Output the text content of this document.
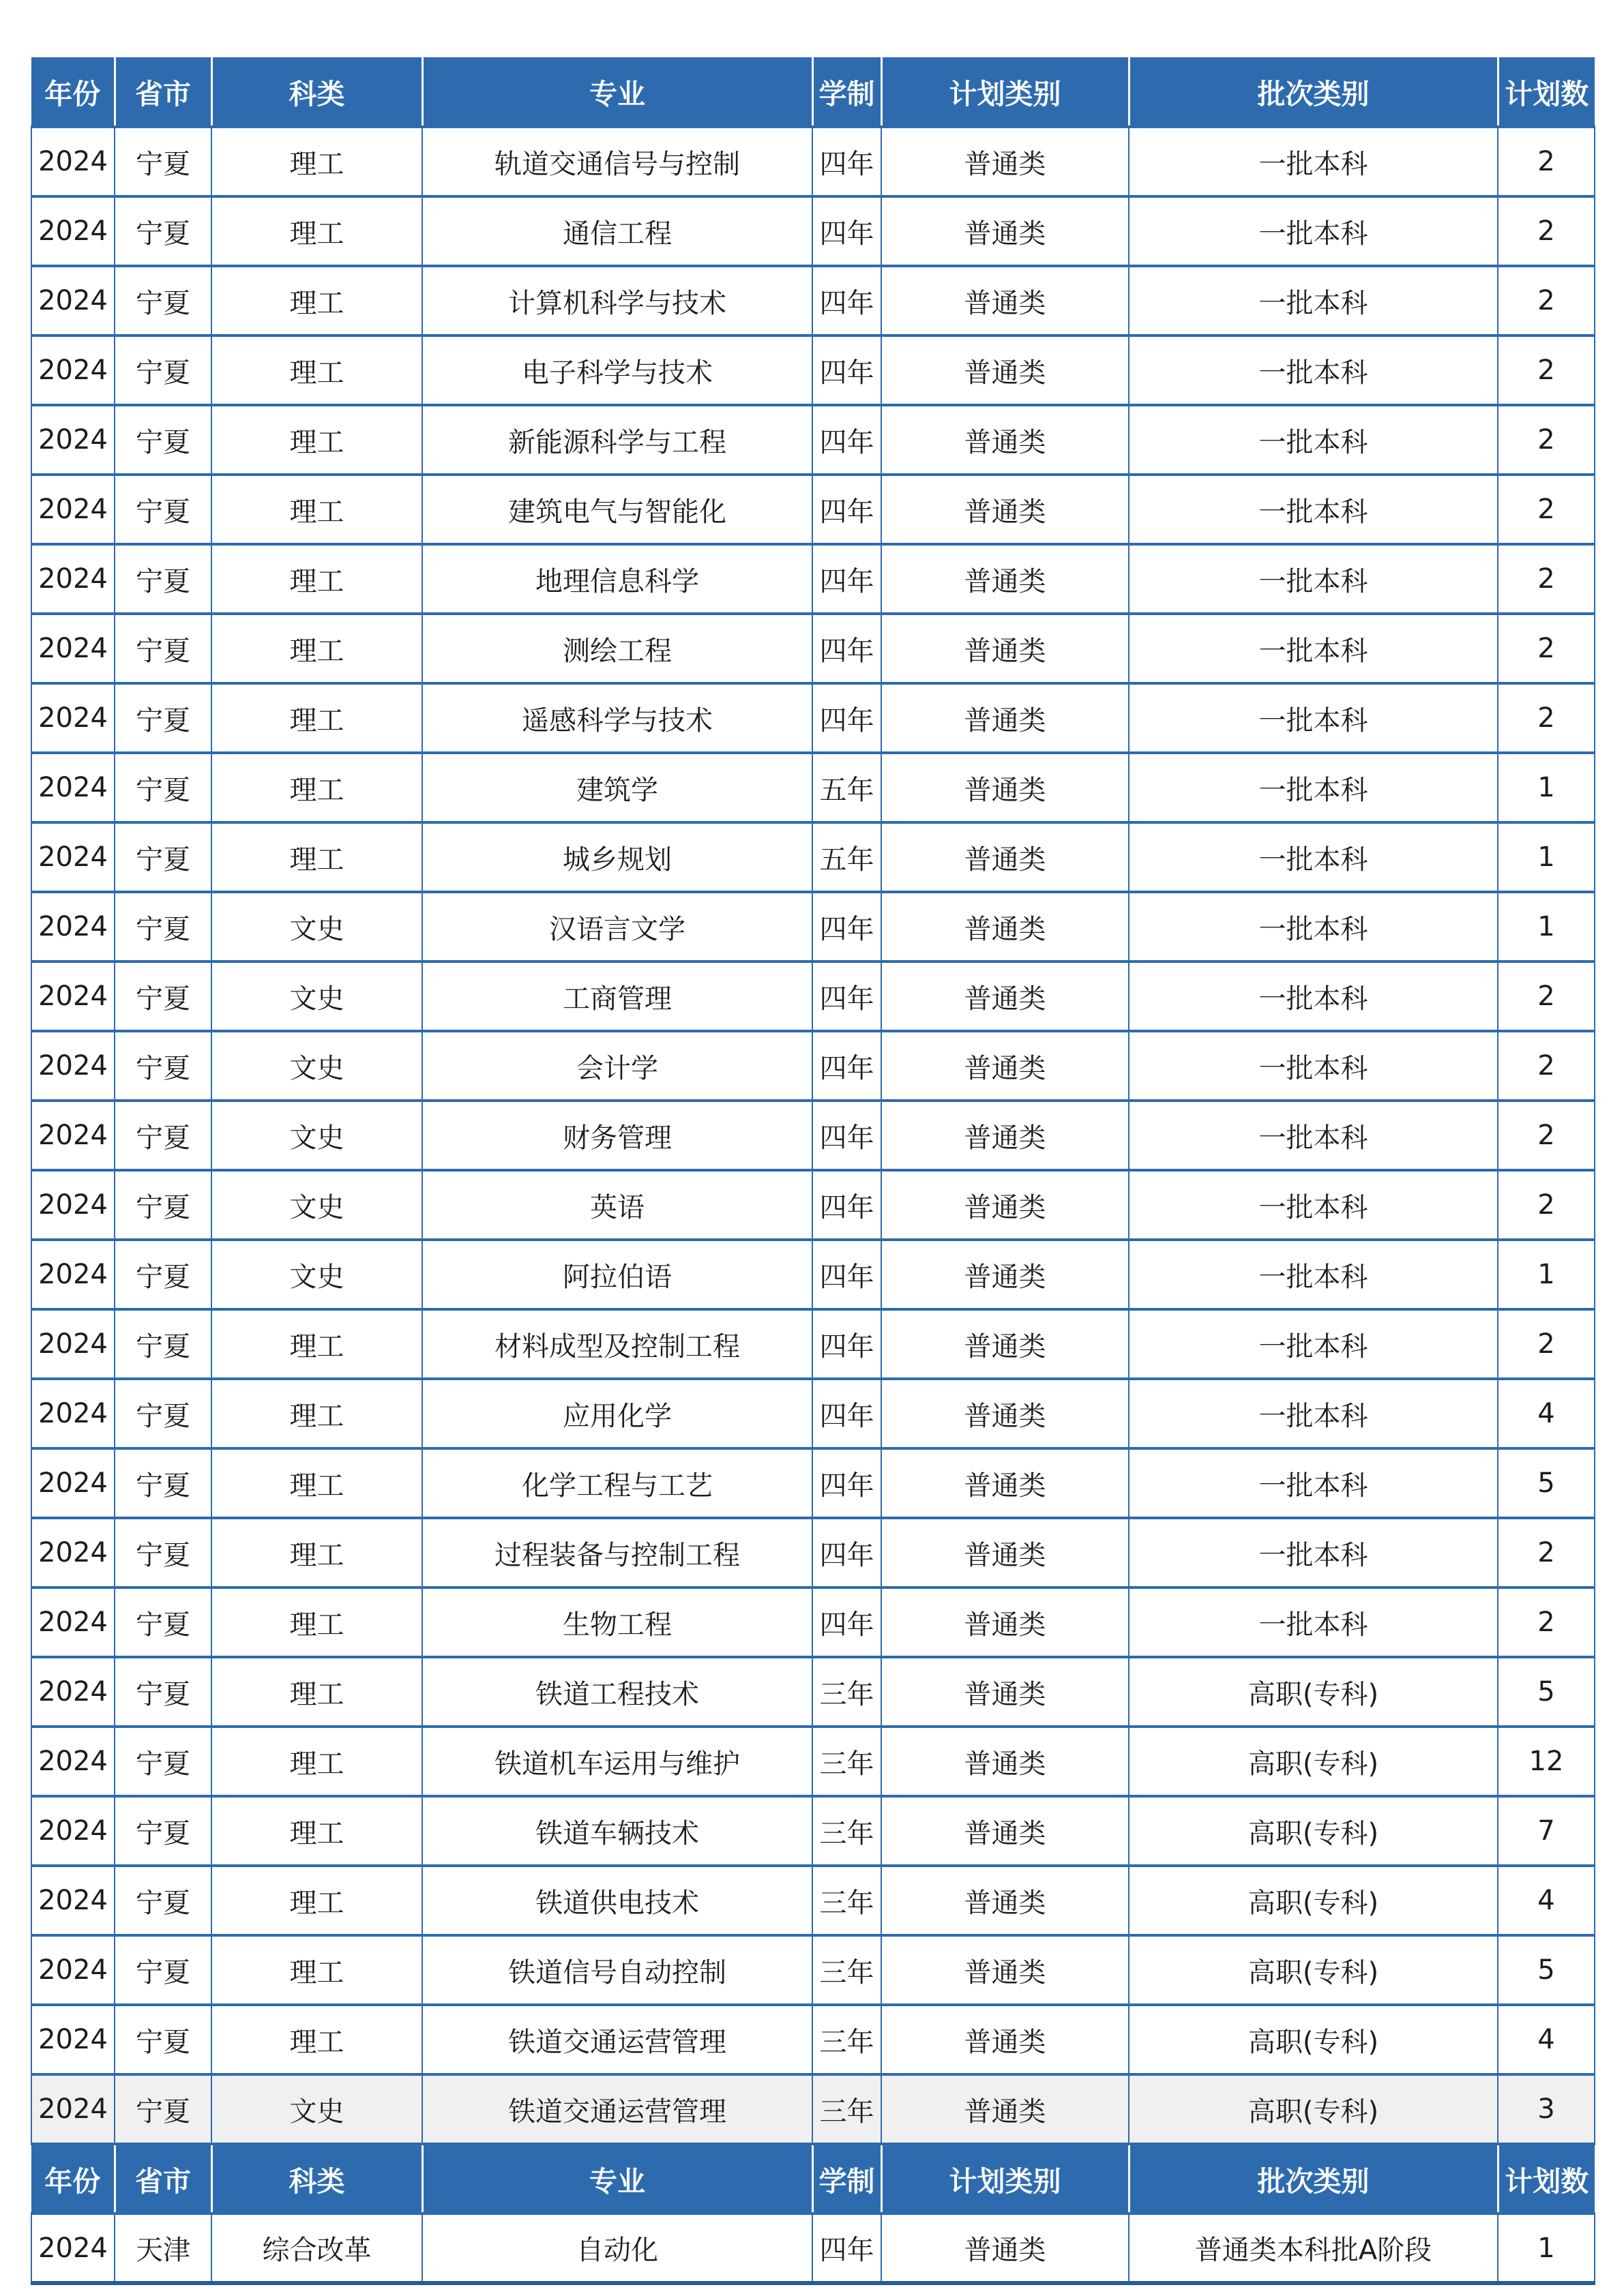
年份	省市	科类	专业	学制	计划类别	批次类别	计划数
2024	宁夏	理工	轨道交通信号与控制	四年	普通类	一批本科	2
2024	宁夏	理工	通信工程	四年	普通类	一批本科	2
2024	宁夏	理工	计算机科学与技术	四年	普通类	一批本科	2
2024	宁夏	理工	电子科学与技术	四年	普通类	一批本科	2
2024	宁夏	理工	新能源科学与工程	四年	普通类	一批本科	2
2024	宁夏	理工	建筑电气与智能化	四年	普通类	一批本科	2
2024	宁夏	理工	地理信息科学	四年	普通类	一批本科	2
2024	宁夏	理工	测绘工程	四年	普通类	一批本科	2
2024	宁夏	理工	遥感科学与技术	四年	普通类	一批本科	2
2024	宁夏	理工	建筑学	五年	普通类	一批本科	1
2024	宁夏	理工	城乡规划	五年	普通类	一批本科	1
2024	宁夏	文史	汉语言文学	四年	普通类	一批本科	1
2024	宁夏	文史	工商管理	四年	普通类	一批本科	2
2024	宁夏	文史	会计学	四年	普通类	一批本科	2
2024	宁夏	文史	财务管理	四年	普通类	一批本科	2
2024	宁夏	文史	英语	四年	普通类	一批本科	2
2024	宁夏	文史	阿拉伯语	四年	普通类	一批本科	1
2024	宁夏	理工	材料成型及控制工程	四年	普通类	一批本科	2
2024	宁夏	理工	应用化学	四年	普通类	一批本科	4
2024	宁夏	理工	化学工程与工艺	四年	普通类	一批本科	5
2024	宁夏	理工	过程装备与控制工程	四年	普通类	一批本科	2
2024	宁夏	理工	生物工程	四年	普通类	一批本科	2
2024	宁夏	理工	铁道工程技术	三年	普通类	高职(专科)	5
2024	宁夏	理工	铁道机车运用与维护	三年	普通类	高职(专科)	12
2024	宁夏	理工	铁道车辆技术	三年	普通类	高职(专科)	7
2024	宁夏	理工	铁道供电技术	三年	普通类	高职(专科)	4
2024	宁夏	理工	铁道信号自动控制	三年	普通类	高职(专科)	5
2024	宁夏	理工	铁道交通运营管理	三年	普通类	高职(专科)	4
2024	宁夏	文史	铁道交通运营管理	三年	普通类	高职(专科)	3
年份	省市	科类	专业	学制	计划类别	批次类别	计划数
2024	天津	综合改革	自动化	四年	普通类	普通类本科批A阶段	1
